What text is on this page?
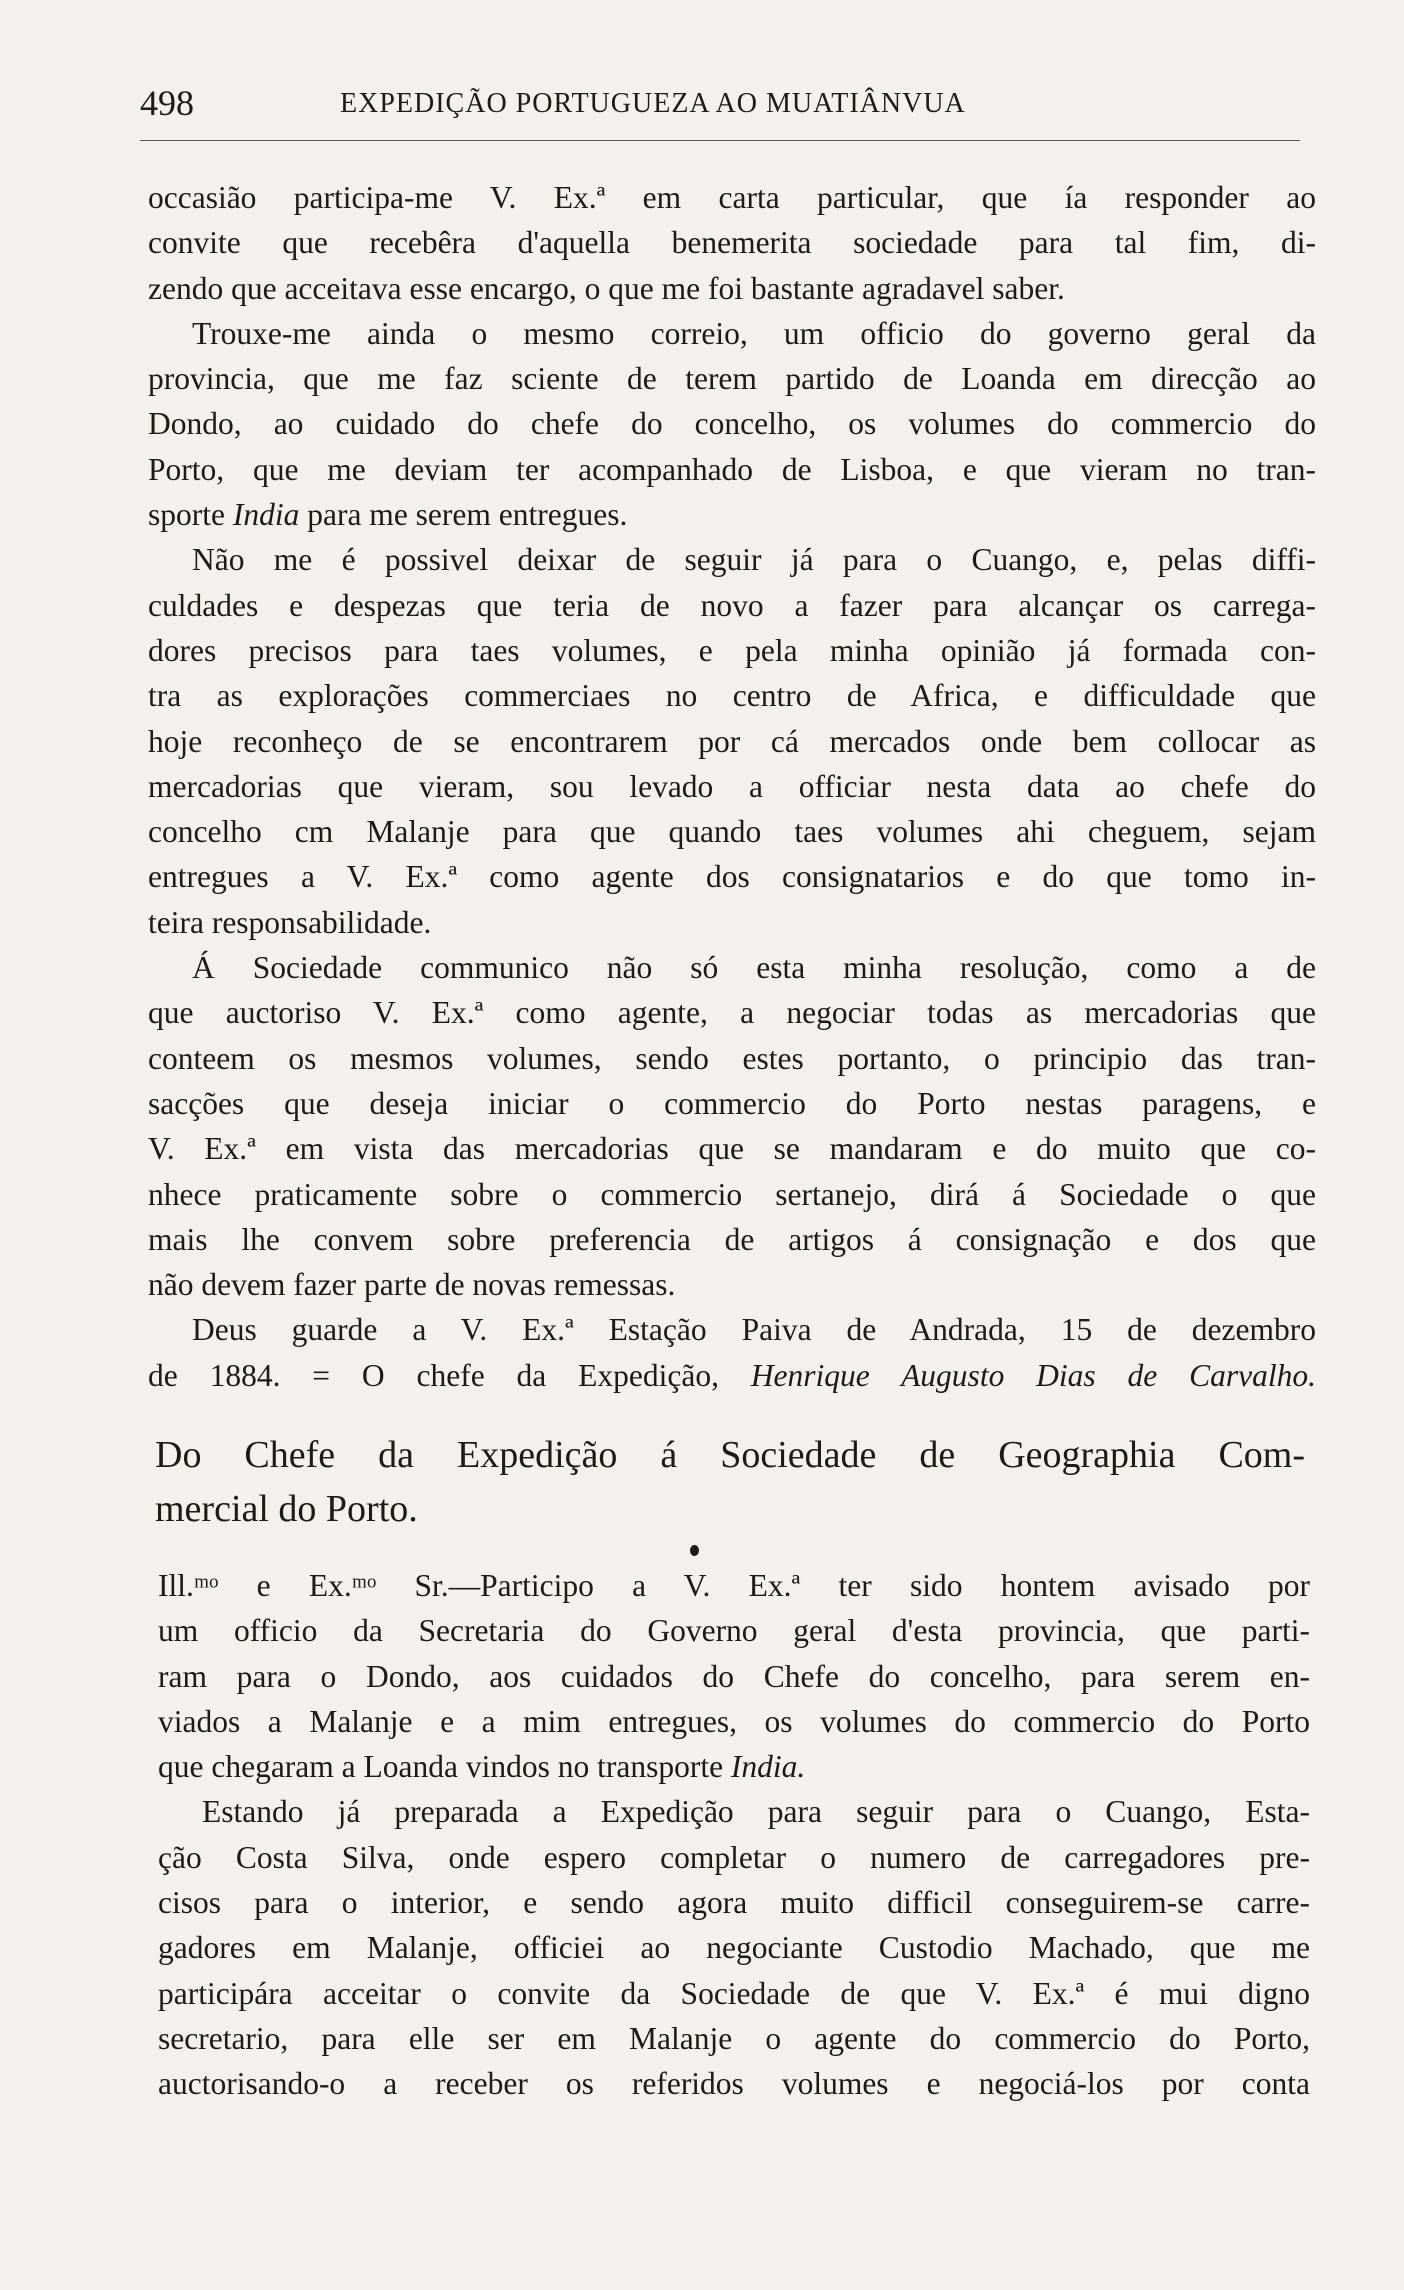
498	EXPEDIÇÃO PORTUGUEZA AO MUATIÂNVUA
occasião participa-me V. Ex.ª em carta particular, que ía responder ao
convite que recebêra d'aquella benemerita sociedade para tal fim, di-
zendo que acceitava esse encargo, o que me foi bastante agradavel saber.
Trouxe-me ainda o mesmo correio, um officio do governo geral da
provincia, que me faz sciente de terem partido de Loanda em direcção ao
Dondo, ao cuidado do chefe do concelho, os volumes do commercio do
Porto, que me deviam ter acompanhado de Lisboa, e que vieram no tran-
sporte India para me serem entregues.
Não me é possivel deixar de seguir já para o Cuango, e, pelas diffi-
culdades e despezas que teria de novo a fazer para alcançar os carrega-
dores precisos para taes volumes, e pela minha opinião já formada con-
tra as explorações commerciaes no centro de Africa, e difficuldade que
hoje reconheço de se encontrarem por cá mercados onde bem collocar as
mercadorias que vieram, sou levado a officiar nesta data ao chefe do
concelho cm Malanje para que quando taes volumes ahi cheguem, sejam
entregues a V. Ex.ª como agente dos consignatarios e do que tomo in-
teira responsabilidade.
Á Sociedade communico não só esta minha resolução, como a de
que auctoriso V. Ex.ª como agente, a negociar todas as mercadorias que
conteem os mesmos volumes, sendo estes portanto, o principio das tran-
sacções que deseja iniciar o commercio do Porto nestas paragens, e
V. Ex.ª em vista das mercadorias que se mandaram e do muito que co-
nhece praticamente sobre o commercio sertanejo, dirá á Sociedade o que
mais lhe convem sobre preferencia de artigos á consignação e dos que
não devem fazer parte de novas remessas.
Deus guarde a V. Ex.ª Estação Paiva de Andrada, 15 de dezembro
de 1884. = O chefe da Expedição, Henrique Augusto Dias de Carvalho.
Do Chefe da Expedição á Sociedade de Geographia Com-
mercial do Porto.
Ill.ᵐᵒ e Ex.ᵐᵒ Sr.—Participo a V. Ex.ª ter sido hontem avisado por
um officio da Secretaria do Governo geral d'esta provincia, que parti-
ram para o Dondo, aos cuidados do Chefe do concelho, para serem en-
viados a Malanje e a mim entregues, os volumes do commercio do Porto
que chegaram a Loanda vindos no transporte India.
Estando já preparada a Expedição para seguir para o Cuango, Esta-
ção Costa Silva, onde espero completar o numero de carregadores pre-
cisos para o interior, e sendo agora muito difficil conseguirem-se carre-
gadores em Malanje, officiei ao negociante Custodio Machado, que me
participára acceitar o convite da Sociedade de que V. Ex.ª é mui digno
secretario, para elle ser em Malanje o agente do commercio do Porto,
auctorisando-o a receber os referidos volumes e negociá-los por conta
